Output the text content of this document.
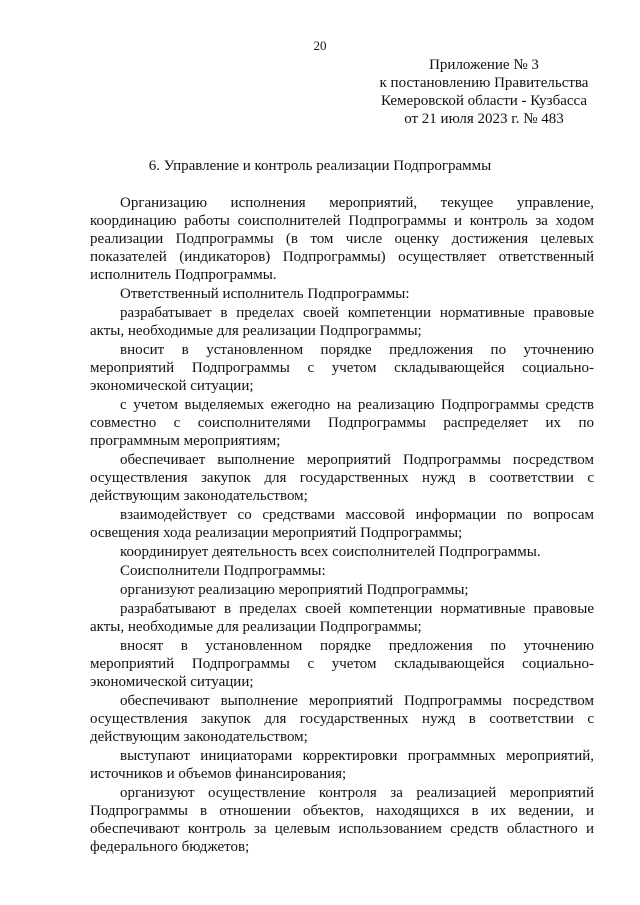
20
Приложение № 3
к постановлению Правительства
Кемеровской области - Кузбасса
от 21 июля 2023 г. № 483
6. Управление и контроль реализации Подпрограммы

Организацию исполнения мероприятий, текущее управление, координацию работы соисполнителей Подпрограммы и контроль за ходом реализации Подпрограммы (в том числе оценку достижения целевых показателей (индикаторов) Подпрограммы) осуществляет ответственный исполнитель Подпрограммы.

Ответственный исполнитель Подпрограммы:

разрабатывает в пределах своей компетенции нормативные правовые акты, необходимые для реализации Подпрограммы;

вносит в установленном порядке предложения по уточнению мероприятий Подпрограммы с учетом складывающейся социально-экономической ситуации;

с учетом выделяемых ежегодно на реализацию Подпрограммы средств совместно с соисполнителями Подпрограммы распределяет их по программным мероприятиям;

обеспечивает выполнение мероприятий Подпрограммы посредством осуществления закупок для государственных нужд в соответствии с действующим законодательством;

взаимодействует со средствами массовой информации по вопросам освещения хода реализации мероприятий Подпрограммы;

координирует деятельность всех соисполнителей Подпрограммы.

Соисполнители Подпрограммы:

организуют реализацию мероприятий Подпрограммы;

разрабатывают в пределах своей компетенции нормативные правовые акты, необходимые для реализации Подпрограммы;

вносят в установленном порядке предложения по уточнению мероприятий Подпрограммы с учетом складывающейся социально-экономической ситуации;

обеспечивают выполнение мероприятий Подпрограммы посредством осуществления закупок для государственных нужд в соответствии с действующим законодательством;

выступают инициаторами корректировки программных мероприятий, источников и объемов финансирования;

организуют осуществление контроля за реализацией мероприятий Подпрограммы в отношении объектов, находящихся в их ведении, и обеспечивают контроль за целевым использованием средств областного и федерального бюджетов;
